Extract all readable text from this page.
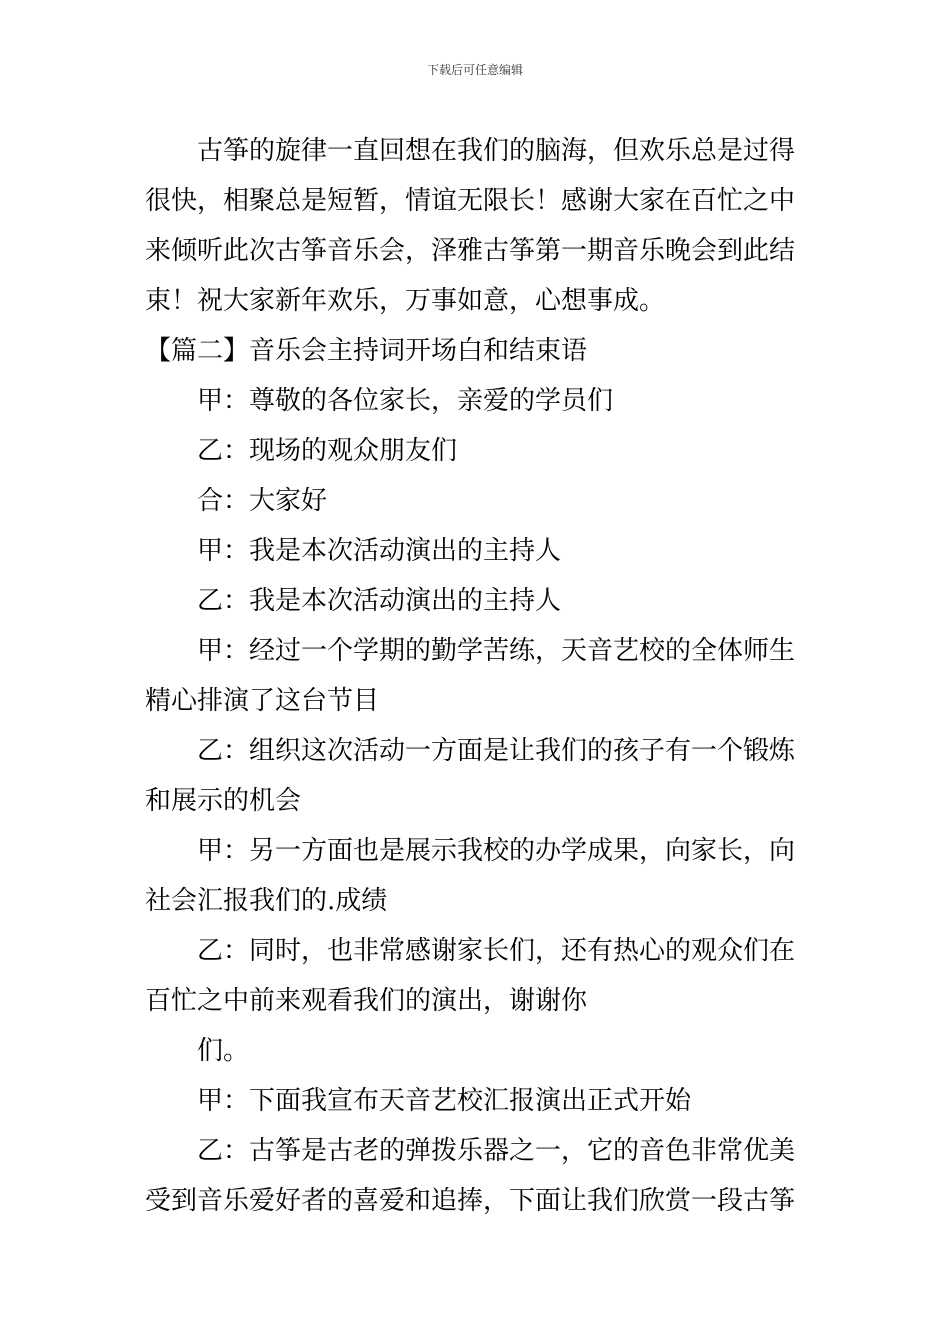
下载后可任意编辑
古筝的旋律一直回想在我们的脑海，但欢乐总是过得
很快，相聚总是短暂，情谊无限长！感谢大家在百忙之中
来倾听此次古筝音乐会，泽雅古筝第一期音乐晚会到此结
束！祝大家新年欢乐，万事如意，心想事成。
【篇二】音乐会主持词开场白和结束语
甲：尊敬的各位家长，亲爱的学员们
乙：现场的观众朋友们
合：大家好
甲：我是本次活动演出的主持人
乙：我是本次活动演出的主持人
甲：经过一个学期的勤学苦练，天音艺校的全体师生
精心排演了这台节目
乙：组织这次活动一方面是让我们的孩子有一个锻炼
和展示的机会
甲：另一方面也是展示我校的办学成果，向家长，向
社会汇报我们的.成绩
乙：同时，也非常感谢家长们，还有热心的观众们在
百忙之中前来观看我们的演出，谢谢你
们。
甲：下面我宣布天音艺校汇报演出正式开始
乙：古筝是古老的弹拨乐器之一，它的音色非常优美
受到音乐爱好者的喜爱和追捧，下面让我们欣赏一段古筝
